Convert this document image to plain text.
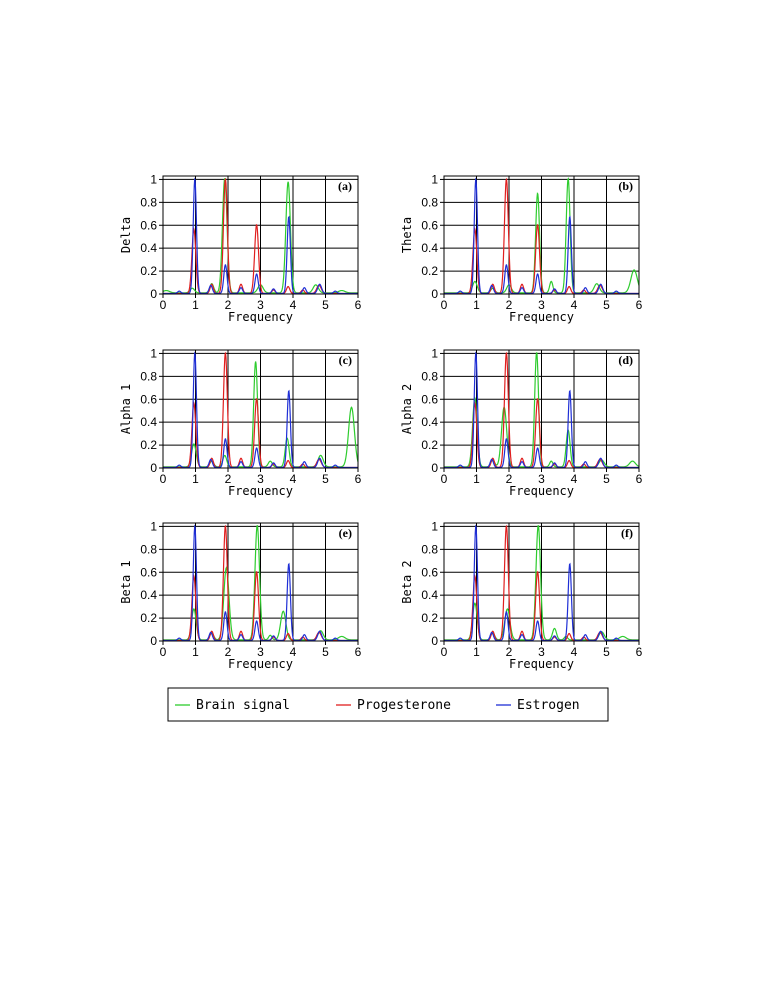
0 1 2 3 4 5 6
0
0.2
0.4
0.6
0.8
1	(a)
Frequency
Delta
0 1 2 3 4 5 6
0
0.2
0.4
0.6
0.8
1	(b)
Frequency
Theta
0 1 2 3 4 5 6
0
0.2
0.4
0.6
0.8
1	(c)
Frequency
Alpha 1
0 1 2 3 4 5 6
0
0.2
0.4
0.6
0.8
1	(d)
Frequency
Alpha 2
0 1 2 3 4 5 6
0
0.2
0.4
0.6
0.8
1	(e)
Frequency
Beta 1
0 1 2 3 4 5 6
0
0.2
0.4
0.6
0.8
1	(f)
Frequency
Beta 2
Brain signal	Progesterone	Estrogen
